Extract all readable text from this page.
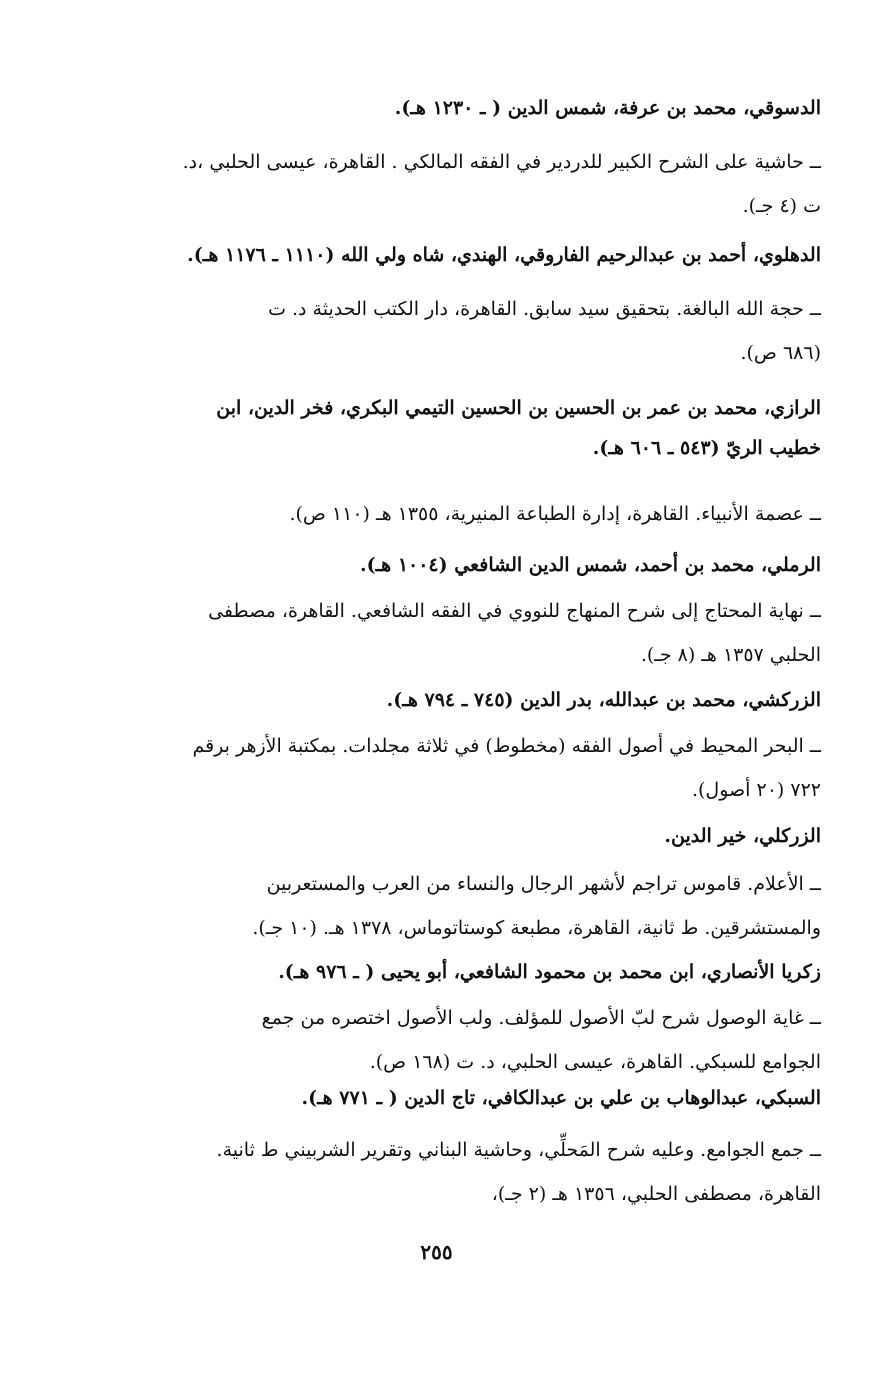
الدسوقي، محمد بن عرفة، شمس الدين ( ـ ١٢٣٠ هـ).

ــ حاشية على الشرح الكبير للدردير في الفقه المالكي . القاهرة، عيسى الحلبي ،د.
ت (٤ جـ).

الدهلوي، أحمد بن عبدالرحيم الفاروقي، الهندي، شاه ولي الله (١١١٠ ـ ١١٧٦ هـ).

ــ حجة الله البالغة. بتحقيق سيد سابق. القاهرة، دار الكتب الحديثة د. ت
(٦٨٦ ص).

الرازي، محمد بن عمر بن الحسين بن الحسين التيمي البكري، فخر الدين، ابن
خطيب الريّ (٥٤٣ ـ ٦٠٦ هـ).

ــ عصمة الأنبياء. القاهرة، إدارة الطباعة المنيرية، ١٣٥٥ هـ (١١٠ ص).

الرملي، محمد بن أحمد، شمس الدين الشافعي (١٠٠٤ هـ).

ــ نهاية المحتاج إلى شرح المنهاج للنووي في الفقه الشافعي. القاهرة، مصطفى
الحلبي ١٣٥٧ هـ (٨ جـ).

الزركشي، محمد بن عبدالله، بدر الدين (٧٤٥ ـ ٧٩٤ هـ).

ــ البحر المحيط في أصول الفقه (مخطوط) في ثلاثة مجلدات. بمكتبة الأزهر برقم
٧٢٢ (٢٠ أصول).

الزركلي، خير الدين.

ــ الأعلام. قاموس تراجم لأشهر الرجال والنساء من العرب والمستعربين
والمستشرقين. ط ثانية، القاهرة، مطبعة كوستاتوماس، ١٣٧٨ هـ. (١٠ جـ).

زكريا الأنصاري، ابن محمد بن محمود الشافعي، أبو يحيى ( ـ ٩٧٦ هـ).

ــ غاية الوصول شرح لبّ الأصول للمؤلف. ولب الأصول اختصره من جمع
الجوامع للسبكي. القاهرة، عيسى الحلبي، د. ت (١٦٨ ص).

السبكي، عبدالوهاب بن علي بن عبدالكافي، تاج الدين ( ـ ٧٧١ هـ).

ــ جمع الجوامع. وعليه شرح المَحلِّي، وحاشية البناني وتقرير الشربيني ط ثانية.
القاهرة، مصطفى الحلبي، ١٣٥٦ هـ (٢ جـ)،

٢٥٥
